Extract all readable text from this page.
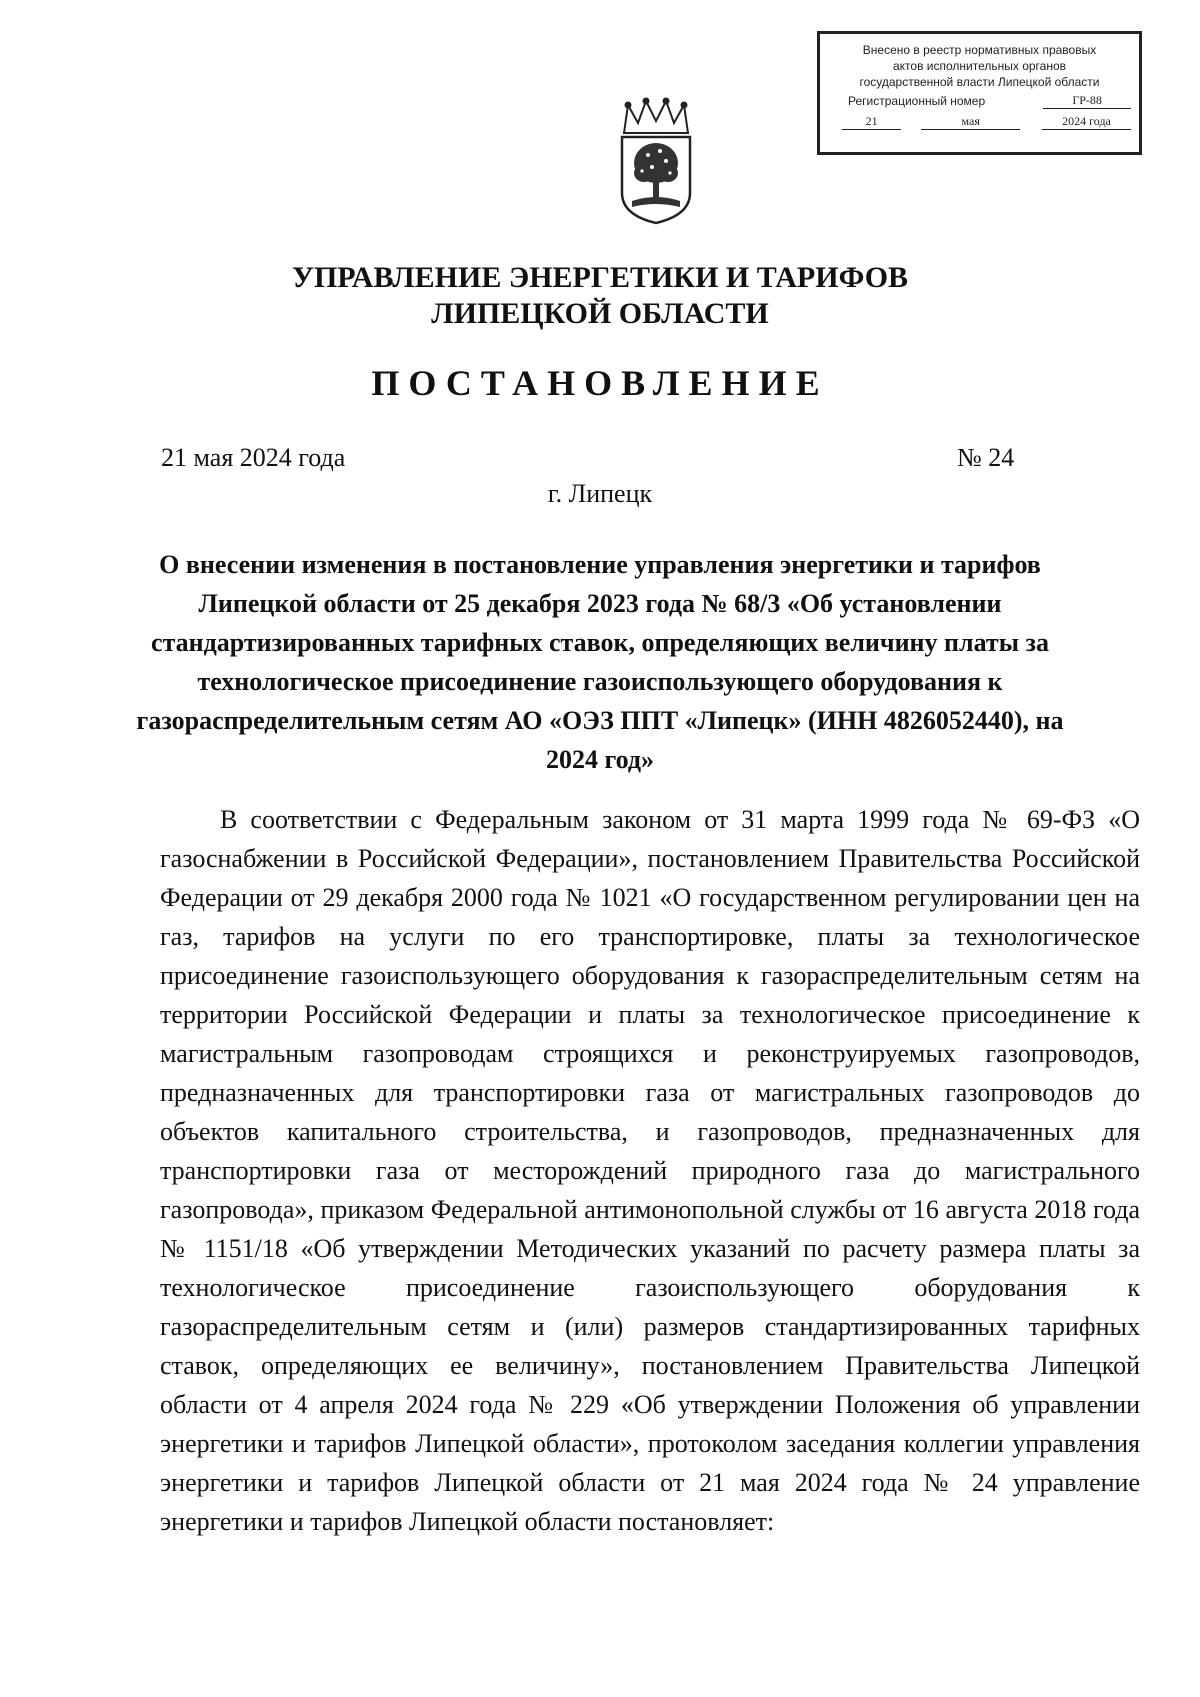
Внесено в реестр нормативных правовых
актов исполнительных органов
государственной власти Липецкой области
Регистрационный номер	ГР-88
21	мая	2024 года
УПРАВЛЕНИЕ ЭНЕРГЕТИКИ И ТАРИФОВ
ЛИПЕЦКОЙ ОБЛАСТИ
ПОСТАНОВЛЕНИЕ
21 мая 2024 года	№ 24
г. Липецк
О внесении изменения в постановление управления энергетики и тарифов Липецкой области от 25 декабря 2023 года № 68/3 «Об установлении стандартизированных тарифных ставок, определяющих величину платы за технологическое присоединение газоиспользующего оборудования к газораспределительным сетям АО «ОЭЗ ППТ «Липецк» (ИНН 4826052440), на 2024 год»

В соответствии с Федеральным законом от 31 марта 1999 года № 69-ФЗ «О газоснабжении в Российской Федерации», постановлением Правительства Российской Федерации от 29 декабря 2000 года № 1021 «О государственном регулировании цен на газ, тарифов на услуги по его транспортировке, платы за технологическое присоединение газоиспользующего оборудования к газораспределительным сетям на территории Российской Федерации и платы за технологическое присоединение к магистральным газопроводам строящихся и реконструируемых газопроводов, предназначенных для транспортировки газа от магистральных газопроводов до объектов капитального строительства, и газопроводов, предназначенных для транспортировки газа от месторождений природного газа до магистрального газопровода», приказом Федеральной антимонопольной службы от 16 августа 2018 года № 1151/18 «Об утверждении Методических указаний по расчету размера платы за технологическое присоединение газоиспользующего оборудования к газораспределительным сетям и (или) размеров стандартизированных тарифных ставок, определяющих ее величину», постановлением Правительства Липецкой области от 4 апреля 2024 года № 229 «Об утверждении Положения об управлении энергетики и тарифов Липецкой области», протоколом заседания коллегии управления энергетики и тарифов Липецкой области от 21 мая 2024 года № 24 управление энергетики и тарифов Липецкой области постановляет:
